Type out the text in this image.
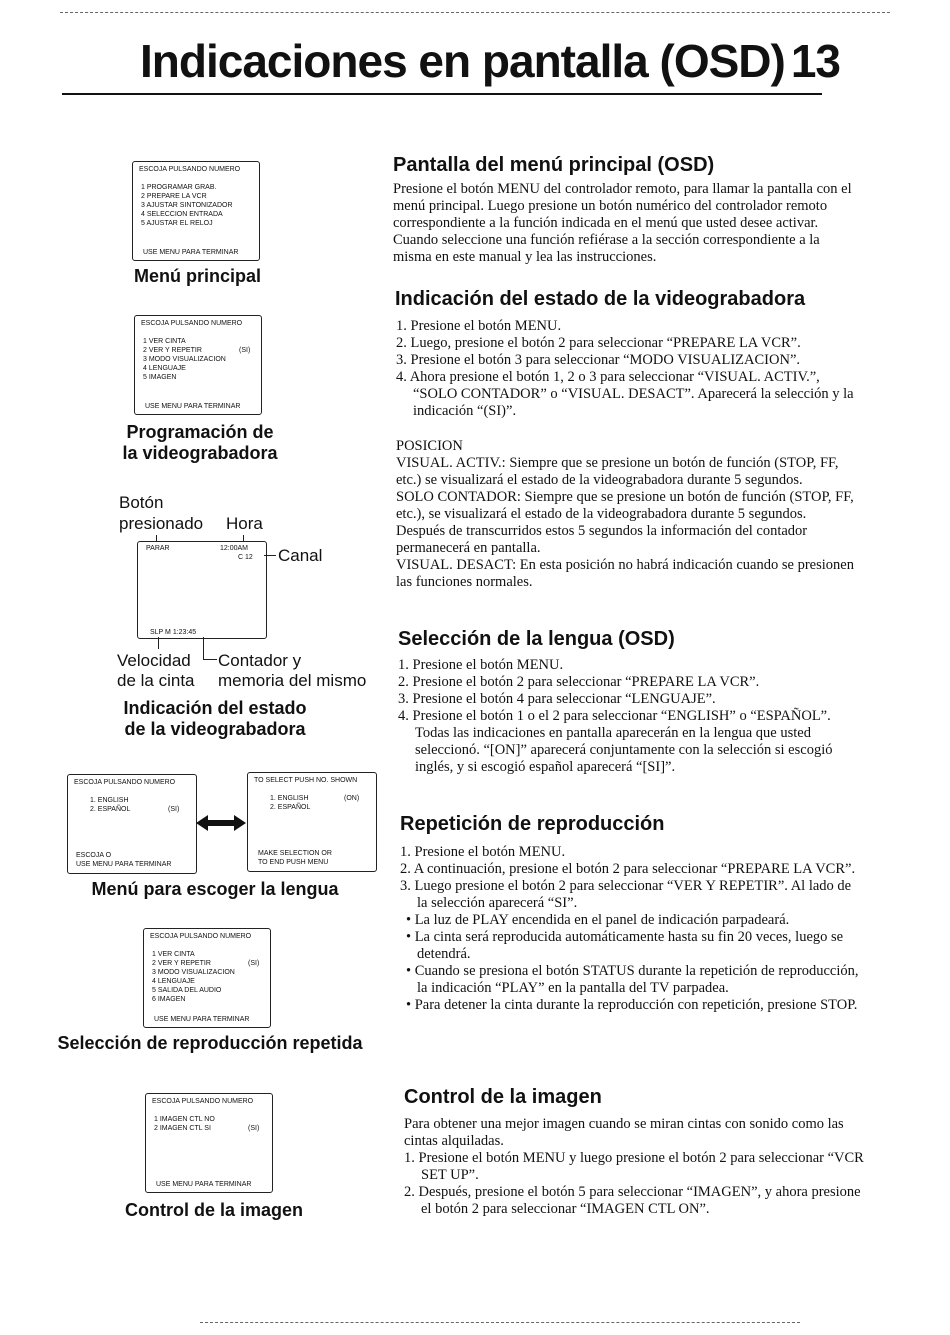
Indicaciones en pantalla (OSD) 13
ESCOJA PULSANDO NUMERO
1 PROGRAMAR GRAB.
2 PREPARE LA VCR
3 AJUSTAR SINTONIZADOR
4 SELECCION ENTRADA
5 AJUSTAR EL RELOJ
USE MENU PARA TERMINAR
Menú principal
ESCOJA PULSANDO NUMERO
1 VER CINTA
2 VER Y REPETIR	(SI)
3 MODO VISUALIZACION
4 LENGUAJE
5 IMAGEN
USE MENU PARA TERMINAR
Programación de
la videograbadora
Botón
presionado Hora
PARAR	12:00AM
C 12
SLP M 1:23:45
Canal
Velocidad
de la cinta
Contador y
memoria del mismo
Indicación del estado
de la videograbadora
ESCOJA PULSANDO NUMERO
1. ENGLISH
2. ESPAÑOL	(SI)
ESCOJA O
USE MENU PARA TERMINAR
TO SELECT PUSH NO. SHOWN
1. ENGLISH	(ON)
2. ESPAÑOL
MAKE SELECTION OR
TO END PUSH MENU
Menú para escoger la lengua
ESCOJA PULSANDO NUMERO
1 VER CINTA
2 VER Y REPETIR	(SI)
3 MODO VISUALIZACION
4 LENGUAJE
5 SALIDA DEL AUDIO
6 IMAGEN
USE MENU PARA TERMINAR
Selección de reproducción repetida
ESCOJA PULSANDO NUMERO
1 IMAGEN CTL NO
2 IMAGEN CTL SI	(SI)
USE MENU PARA TERMINAR
Control de la imagen
Pantalla del menú principal (OSD)

Presione el botón MENU del controlador remoto, para llamar la pantalla con el menú principal. Luego presione un botón numérico del controlador remoto correspondiente a la función indicada en el menú que usted desee activar. Cuando seleccione una función refiérase a la sección correspondiente a la misma en este manual y lea las instrucciones.

Indicación del estado de la videograbadora
1. Presione el botón MENU.
2. Luego, presione el botón 2 para seleccionar “PREPARE LA VCR”.
3. Presione el botón 3 para seleccionar “MODO VISUALIZACION”.
4. Ahora presione el botón 1, 2 o 3 para seleccionar “VISUAL. ACTIV.”, “SOLO CONTADOR” o “VISUAL. DESACT”. Aparecerá la selección y la indicación “(SI)”.

POSICION

VISUAL. ACTIV.: Siempre que se presione un botón de función (STOP, FF, etc.) se visualizará el estado de la videograbadora durante 5 segundos.

SOLO CONTADOR: Siempre que se presione un botón de función (STOP, FF, etc.), se visualizará el estado de la videograbadora durante 5 segundos.

Después de transcurridos estos 5 segundos la información del contador permanecerá en pantalla.

VISUAL. DESACT: En esta posición no habrá indicación cuando se presionen las funciones normales.

Selección de la lengua (OSD)
1. Presione el botón MENU.
2. Presione el botón 2 para seleccionar “PREPARE LA VCR”.
3. Presione el botón 4 para seleccionar “LENGUAJE”.
4. Presione el botón 1 o el 2 para seleccionar “ENGLISH” o “ESPAÑOL”. Todas las indicaciones en pantalla aparecerán en la lengua que usted seleccionó. “[ON]” aparecerá conjuntamente con la selección si escogió inglés, y si escogió español aparecerá “[SI]”.
Repetición de reproducción
1. Presione el botón MENU.
2. A continuación, presione el botón 2 para seleccionar “PREPARE LA VCR”.
3. Luego presione el botón 2 para seleccionar “VER Y REPETIR”. Al lado de la selección aparecerá “SI”.
• La luz de PLAY encendida en el panel de indicación parpadeará.
• La cinta será reproducida automáticamente hasta su fin 20 veces, luego se detendrá.
• Cuando se presiona el botón STATUS durante la repetición de reproducción, la indicación “PLAY” en la pantalla del TV parpadea.
• Para detener la cinta durante la reproducción con repetición, presione STOP.
Control de la imagen

Para obtener una mejor imagen cuando se miran cintas con sonido como las cintas alquiladas.

1. Presione el botón MENU y luego presione el botón 2 para seleccionar “VCR SET UP”.
2. Después, presione el botón 5 para seleccionar “IMAGEN”, y ahora presione el botón 2 para seleccionar “IMAGEN CTL ON”.
